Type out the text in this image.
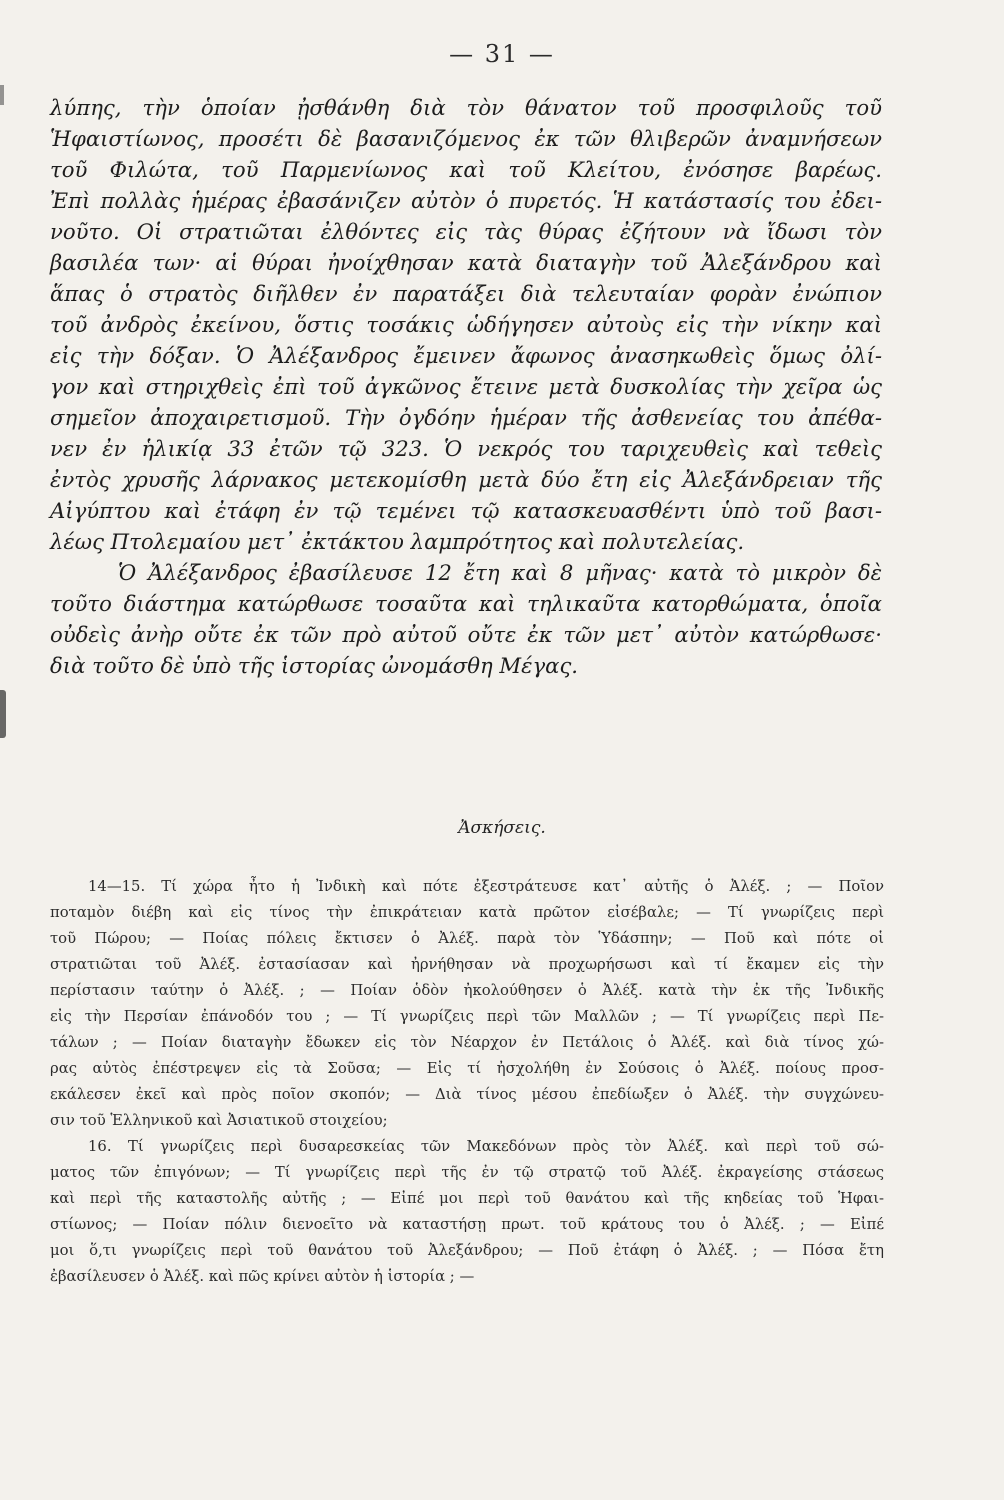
— 31 —
λύπης, τὴν ὁποίαν ᾐσθάνθη διὰ τὸν θάνατον τοῦ προσφιλοῦς τοῦ
Ἡφαιστίωνος, προσέτι δὲ βασανιζόμενος ἐκ τῶν θλιβερῶν ἀναμνήσεων
τοῦ Φιλώτα, τοῦ Παρμενίωνος καὶ τοῦ Κλείτου, ἐνόσησε βαρέως.
Ἐπὶ πολλὰς ἡμέρας ἐβασάνιζεν αὐτὸν ὁ πυρετός. Ἡ κατάστασίς του ἐδει-
νοῦτο. Οἱ στρατιῶται ἐλθόντες εἰς τὰς θύρας ἐζήτουν νὰ ἴδωσι τὸν
βασιλέα των· αἱ θύραι ἠνοίχθησαν κατὰ διαταγὴν τοῦ Ἀλεξάνδρου καὶ
ἅπας ὁ στρατὸς διῆλθεν ἐν παρατάξει διὰ τελευταίαν φορὰν ἐνώπιον
τοῦ ἀνδρὸς ἐκείνου, ὅστις τοσάκις ὡδήγησεν αὐτοὺς εἰς τὴν νίκην καὶ
εἰς τὴν δόξαν. Ὁ Ἀλέξανδρος ἔμεινεν ἄφωνος ἀνασηκωθεὶς ὅμως ὀλί-
γον καὶ στηριχθεὶς ἐπὶ τοῦ ἀγκῶνος ἔτεινε μετὰ δυσκολίας τὴν χεῖρα ὡς
σημεῖον ἀποχαιρετισμοῦ. Τὴν ὀγδόην ἡμέραν τῆς ἀσθενείας του ἀπέθα-
νεν ἐν ἡλικίᾳ 33 ἐτῶν τῷ 323. Ὁ νεκρός του ταριχευθεὶς καὶ τεθεὶς
ἐντὸς χρυσῆς λάρνακος μετεκομίσθη μετὰ δύο ἔτη εἰς Ἀλεξάνδρειαν τῆς
Αἰγύπτου καὶ ἐτάφη ἐν τῷ τεμένει τῷ κατασκευασθέντι ὑπὸ τοῦ βασι-
λέως Πτολεμαίου μετ᾽ ἐκτάκτου λαμπρότητος καὶ πολυτελείας.
Ὁ Ἀλέξανδρος ἐβασίλευσε 12 ἔτη καὶ 8 μῆνας· κατὰ τὸ μικρὸν δὲ
τοῦτο διάστημα κατώρθωσε τοσαῦτα καὶ τηλικαῦτα κατορθώματα, ὁποῖα
οὐδεὶς ἀνὴρ οὔτε ἐκ τῶν πρὸ αὐτοῦ οὔτε ἐκ τῶν μετ᾽ αὐτὸν κατώρθωσε·
διὰ τοῦτο δὲ ὑπὸ τῆς ἱστορίας ὠνομάσθη Μέγας.
Ἀσκήσεις.
14—15. Τί χώρα ἦτο ἡ Ἰνδικὴ καὶ πότε ἐξεστράτευσε κατ᾽ αὐτῆς ὁ Ἀλέξ. ; — Ποῖον
ποταμὸν διέβη καὶ εἰς τίνος τὴν ἐπικράτειαν κατὰ πρῶτον εἰσέβαλε; — Τί γνωρίζεις περὶ
τοῦ Πώρου; — Ποίας πόλεις ἔκτισεν ὁ Ἀλέξ. παρὰ τὸν Ὑδάσπην; — Ποῦ καὶ πότε οἱ
στρατιῶται τοῦ Ἀλέξ. ἐστασίασαν καὶ ἠρνήθησαν νὰ προχωρήσωσι καὶ τί ἔκαμεν εἰς τὴν
περίστασιν ταύτην ὁ Ἀλέξ. ; — Ποίαν ὁδὸν ἠκολούθησεν ὁ Ἀλέξ. κατὰ τὴν ἐκ τῆς Ἰνδικῆς
εἰς τὴν Περσίαν ἐπάνοδόν του ; — Τί γνωρίζεις περὶ τῶν Μαλλῶν ; — Τί γνωρίζεις περὶ Πε-
τάλων ; — Ποίαν διαταγὴν ἔδωκεν εἰς τὸν Νέαρχον ἐν Πετάλοις ὁ Ἀλέξ. καὶ διὰ τίνος χώ-
ρας αὐτὸς ἐπέστρεψεν εἰς τὰ Σοῦσα; — Εἰς τί ἠσχολήθη ἐν Σούσοις ὁ Ἀλέξ. ποίους προσ-
εκάλεσεν ἐκεῖ καὶ πρὸς ποῖον σκοπόν; — Διὰ τίνος μέσου ἐπεδίωξεν ὁ Ἀλέξ. τὴν συγχώνευ-
σιν τοῦ Ἑλληνικοῦ καὶ Ἀσιατικοῦ στοιχείου;
16. Τί γνωρίζεις περὶ δυσαρεσκείας τῶν Μακεδόνων πρὸς τὸν Ἀλέξ. καὶ περὶ τοῦ σώ-
ματος τῶν ἐπιγόνων; — Τί γνωρίζεις περὶ τῆς ἐν τῷ στρατῷ τοῦ Ἀλέξ. ἐκραγείσης στάσεως
καὶ περὶ τῆς καταστολῆς αὐτῆς ; — Εἰπέ μοι περὶ τοῦ θανάτου καὶ τῆς κηδείας τοῦ Ἡφαι-
στίωνος; — Ποίαν πόλιν διενοεῖτο νὰ καταστήσῃ πρωτ. τοῦ κράτους του ὁ Ἀλέξ. ; — Εἰπέ
μοι ὅ,τι γνωρίζεις περὶ τοῦ θανάτου τοῦ Ἀλεξάνδρου; — Ποῦ ἐτάφη ὁ Ἀλέξ. ; — Πόσα ἔτη
ἐβασίλευσεν ὁ Ἀλέξ. καὶ πῶς κρίνει αὐτὸν ἡ ἱστορία ; —
